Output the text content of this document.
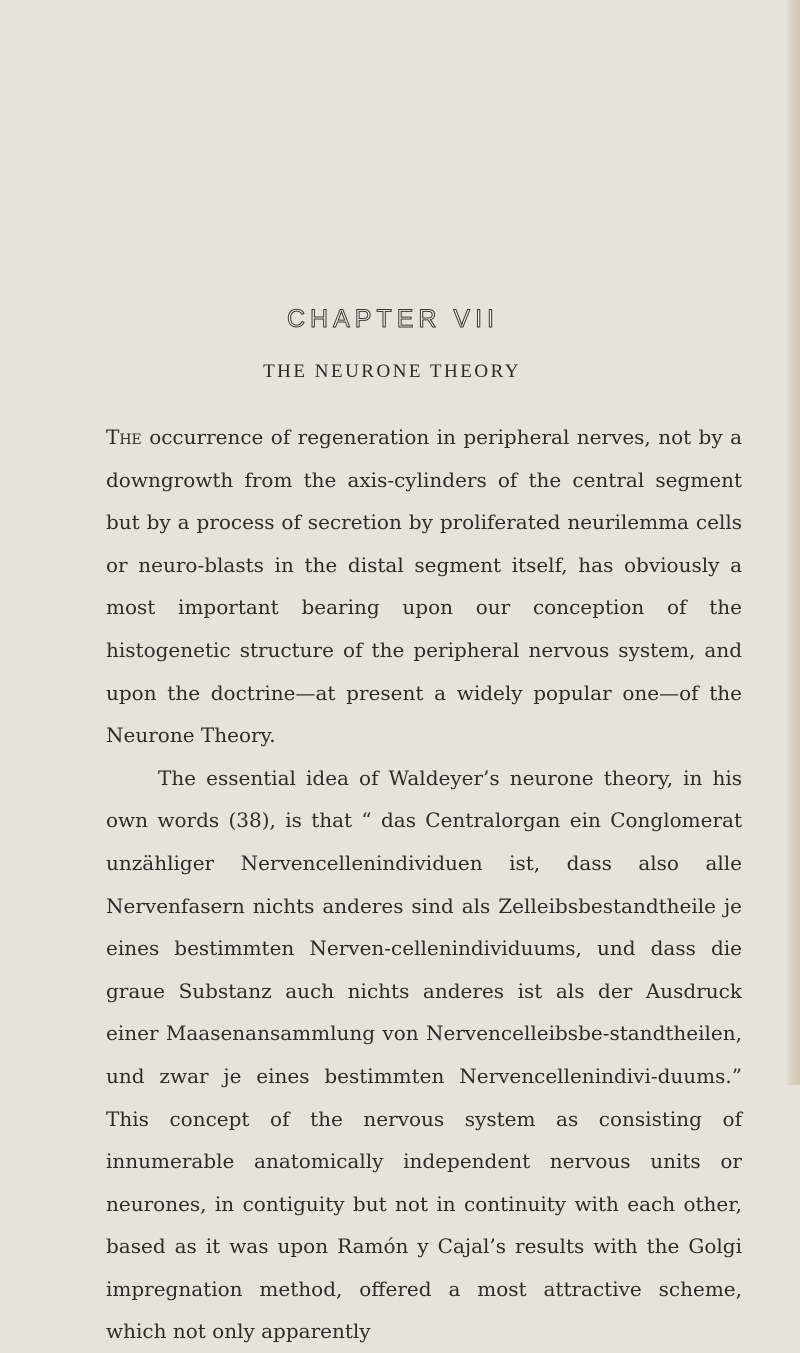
CHAPTER VII
THE NEURONE THEORY

The occurrence of regeneration in peripheral nerves, not by a downgrowth from the axis-cylinders of the central segment but by a process of secretion by proliferated neurilemma cells or neuro-blasts in the distal segment itself, has obviously a most important bearing upon our conception of the histogenetic structure of the peripheral nervous system, and upon the doctrine—at present a widely popular one—of the Neurone Theory.

The essential idea of Waldeyer’s neurone theory, in his own words (38), is that “ das Centralorgan ein Conglomerat unzähliger Nervencellenindividuen ist, dass also alle Nervenfasern nichts anderes sind als Zelleibsbestandtheile je eines bestimmten Nerven-cellenindividuums, und dass die graue Substanz auch nichts anderes ist als der Ausdruck einer Maasenansammlung von Nervencelleibsbe-standtheilen, und zwar je eines bestimmten Nervencellenindivi-duums.” This concept of the nervous system as consisting of innumerable anatomically independent nervous units or neurones, in contiguity but not in continuity with each other, based as it was upon Ramón y Cajal’s results with the Golgi impregnation method, offered a most attractive scheme, which not only apparently
